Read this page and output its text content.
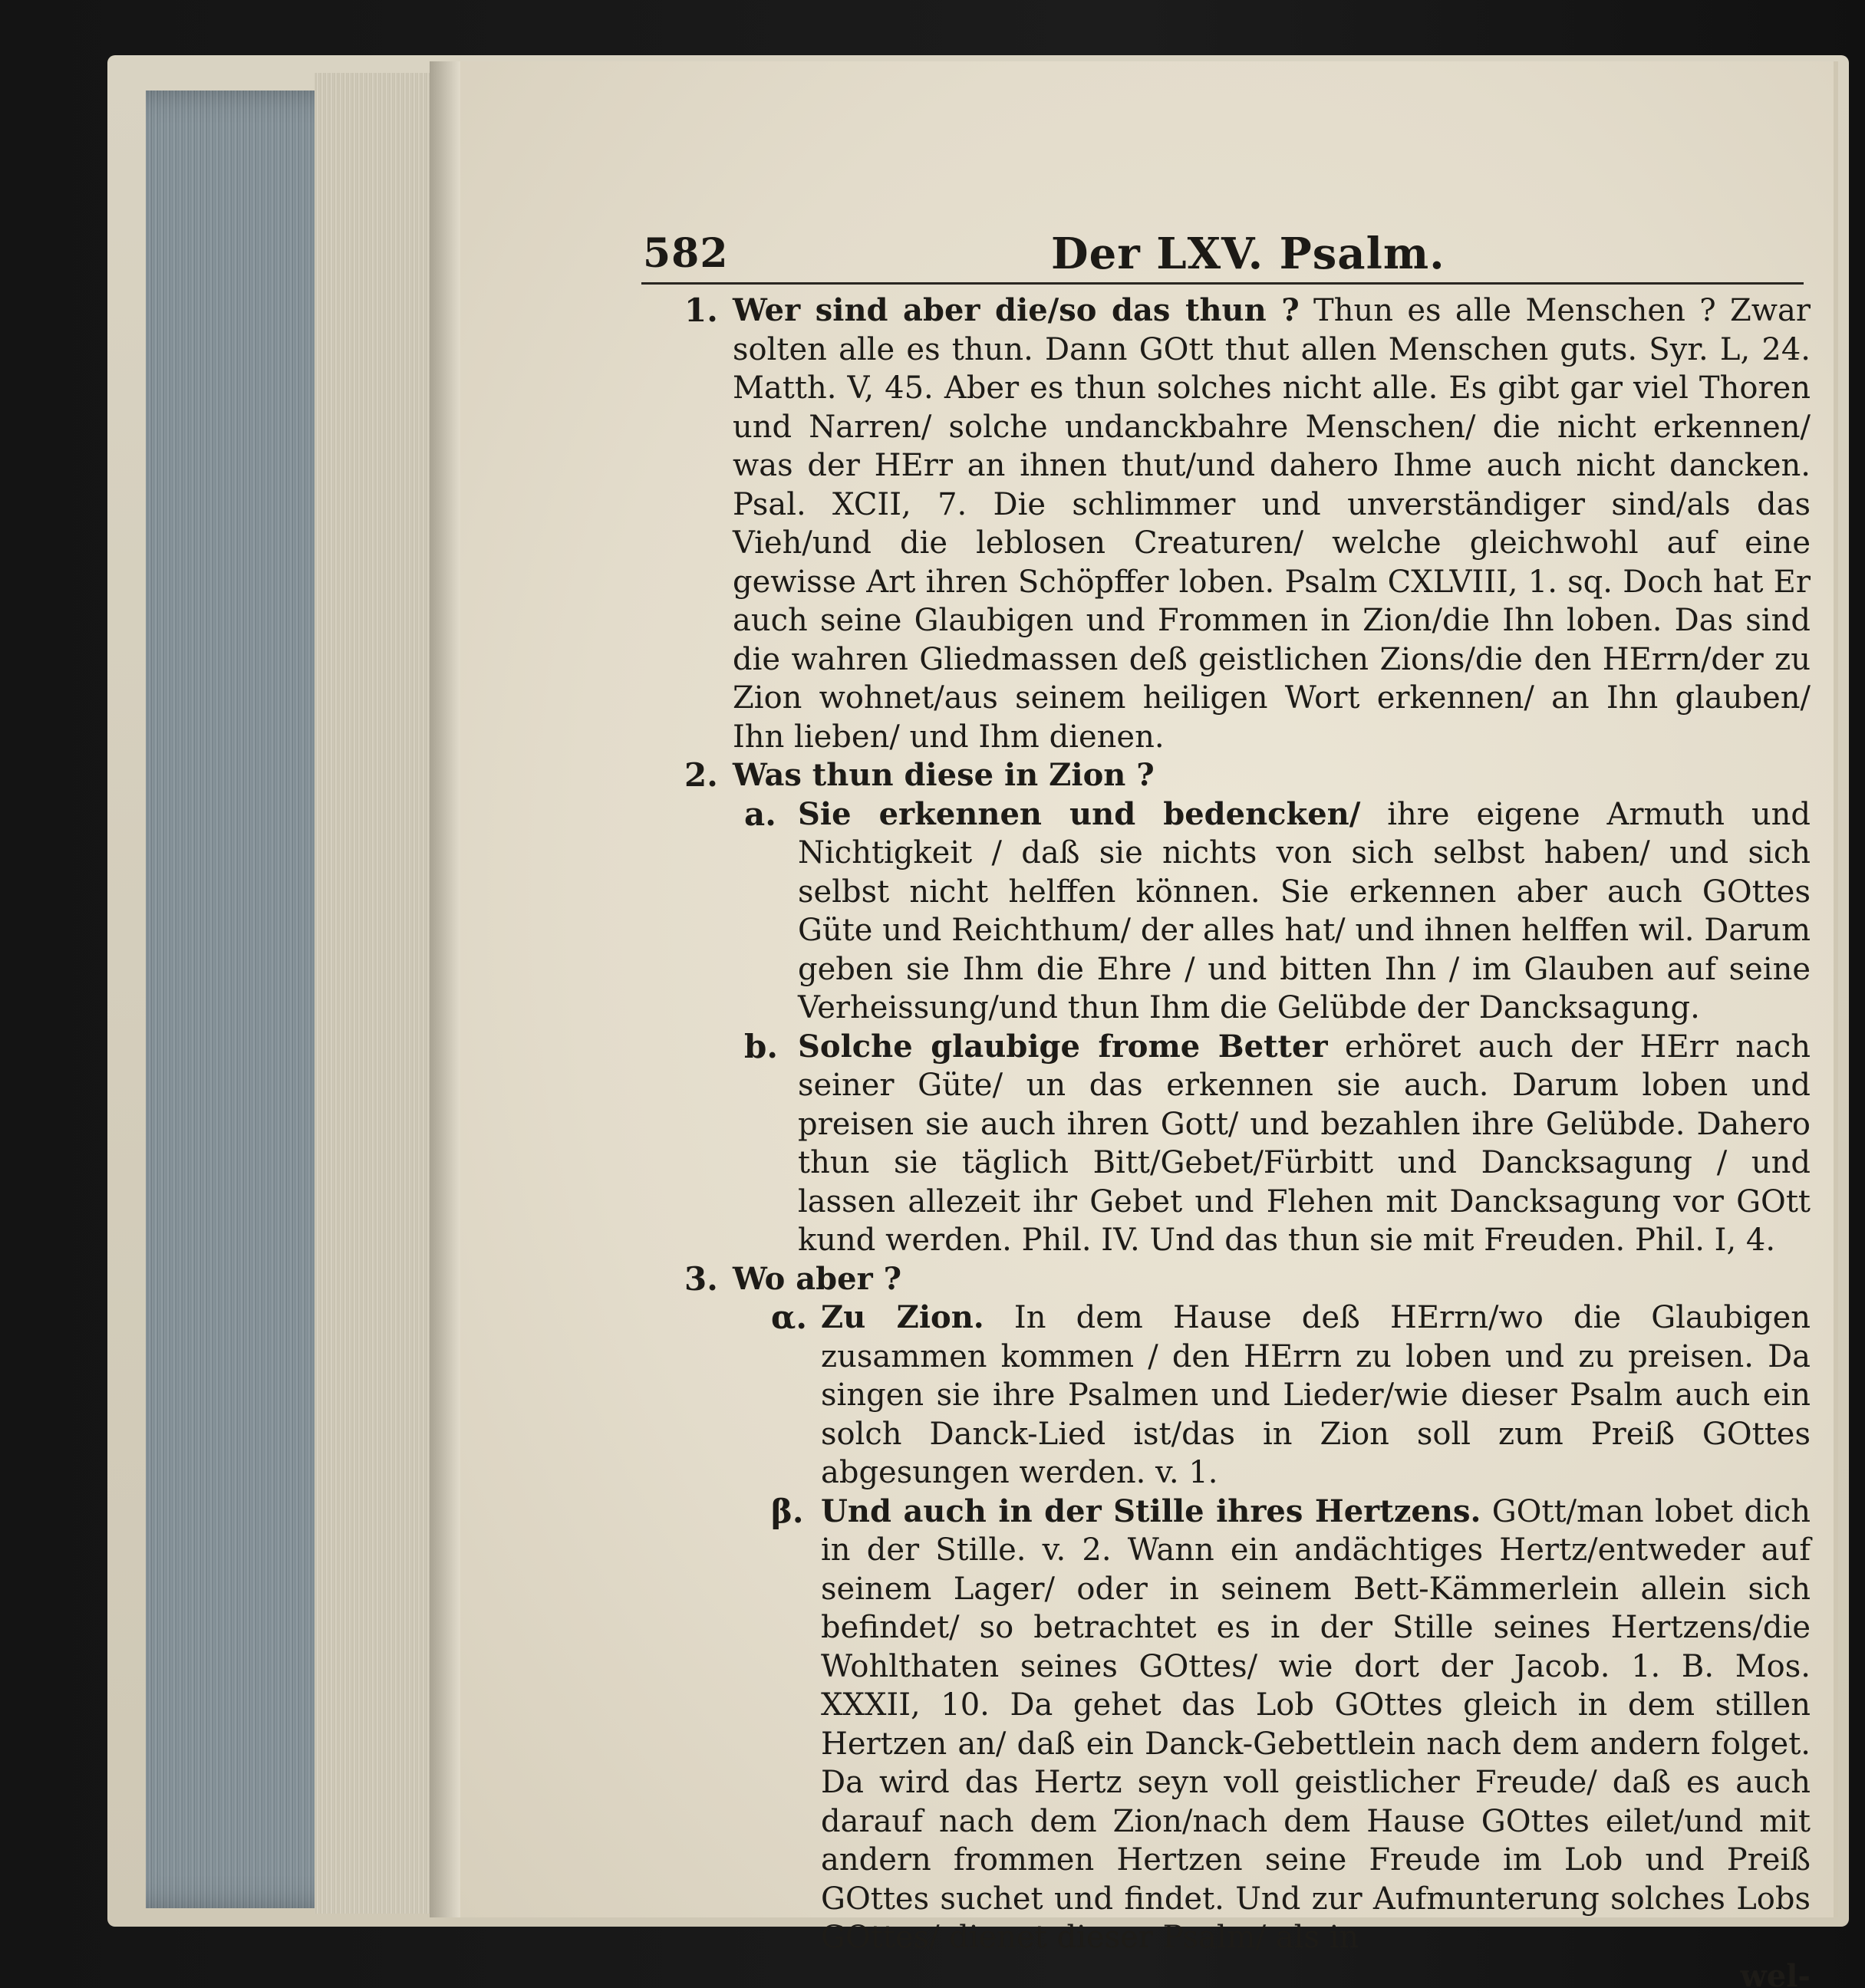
582	Der LXV. Psalm.

1. Wer sind aber die/so das thun ? Thun es alle Menschen ? Zwar solten alle es thun. Dann GOtt thut allen Menschen guts. Syr. L, 24. Matth. V, 45. Aber es thun solches nicht alle. Es gibt gar viel Thoren und Narren/ solche undanckbahre Menschen/ die nicht erkennen/ was der HErr an ihnen thut/und dahero Ihme auch nicht dancken. Psal. XCII, 7. Die schlimmer und unverständiger sind/als das Vieh/und die leblosen Creaturen/ welche gleichwohl auf eine gewisse Art ihren Schöpffer loben. Psalm CXLVIII, 1. sq. Doch hat Er auch seine Glaubigen und Frommen in Zion/die Ihn loben. Das sind die wahren Gliedmassen deß geistlichen Zions/die den HErrn/der zu Zion wohnet/aus seinem heiligen Wort erkennen/ an Ihn glauben/ Ihn lieben/ und Ihm dienen.

2. Was thun diese in Zion ?

a. Sie erkennen und bedencken/ ihre eigene Armuth und Nichtigkeit / daß sie nichts von sich selbst haben/ und sich selbst nicht helffen können. Sie erkennen aber auch GOttes Güte und Reichthum/ der alles hat/ und ihnen helffen wil. Darum geben sie Ihm die Ehre / und bitten Ihn / im Glauben auf seine Verheissung/und thun Ihm die Gelübde der Dancksagung.

b. Solche glaubige frome Better erhöret auch der HErr nach seiner Güte/ un das erkennen sie auch. Darum loben und preisen sie auch ihren Gott/ und bezahlen ihre Gelübde. Dahero thun sie täglich Bitt/Gebet/Fürbitt und Dancksagung / und lassen allezeit ihr Gebet und Flehen mit Dancksagung vor GOtt kund werden. Phil. IV. Und das thun sie mit Freuden. Phil. I, 4.

3. Wo aber ?

α. Zu Zion. In dem Hause deß HErrn/wo die Glaubigen zusammen kommen / den HErrn zu loben und zu preisen. Da singen sie ihre Psalmen und Lieder/wie dieser Psalm auch ein solch Danck-Lied ist/das in Zion soll zum Preiß GOttes abgesungen werden. v. 1.

β. Und auch in der Stille ihres Hertzens. GOtt/man lobet dich in der Stille. v. 2. Wann ein andächtiges Hertz/entweder auf seinem Lager/ oder in seinem Bett-Kämmerlein allein sich befindet/ so betrachtet es in der Stille seines Hertzens/die Wohlthaten seines GOttes/ wie dort der Jacob. 1. B. Mos. XXXII, 10. Da gehet das Lob GOttes gleich in dem stillen Hertzen an/ daß ein Danck-Gebettlein nach dem andern folget. Da wird das Hertz seyn voll geistlicher Freude/ daß es auch darauf nach dem Zion/nach dem Hause GOttes eilet/und mit andern frommen Hertzen seine Freude im Lob und Preiß GOttes suchet und findet. Und zur Aufmunterung solches Lobs GOttes/ dienet dieser Psalm/ als in

wel-
